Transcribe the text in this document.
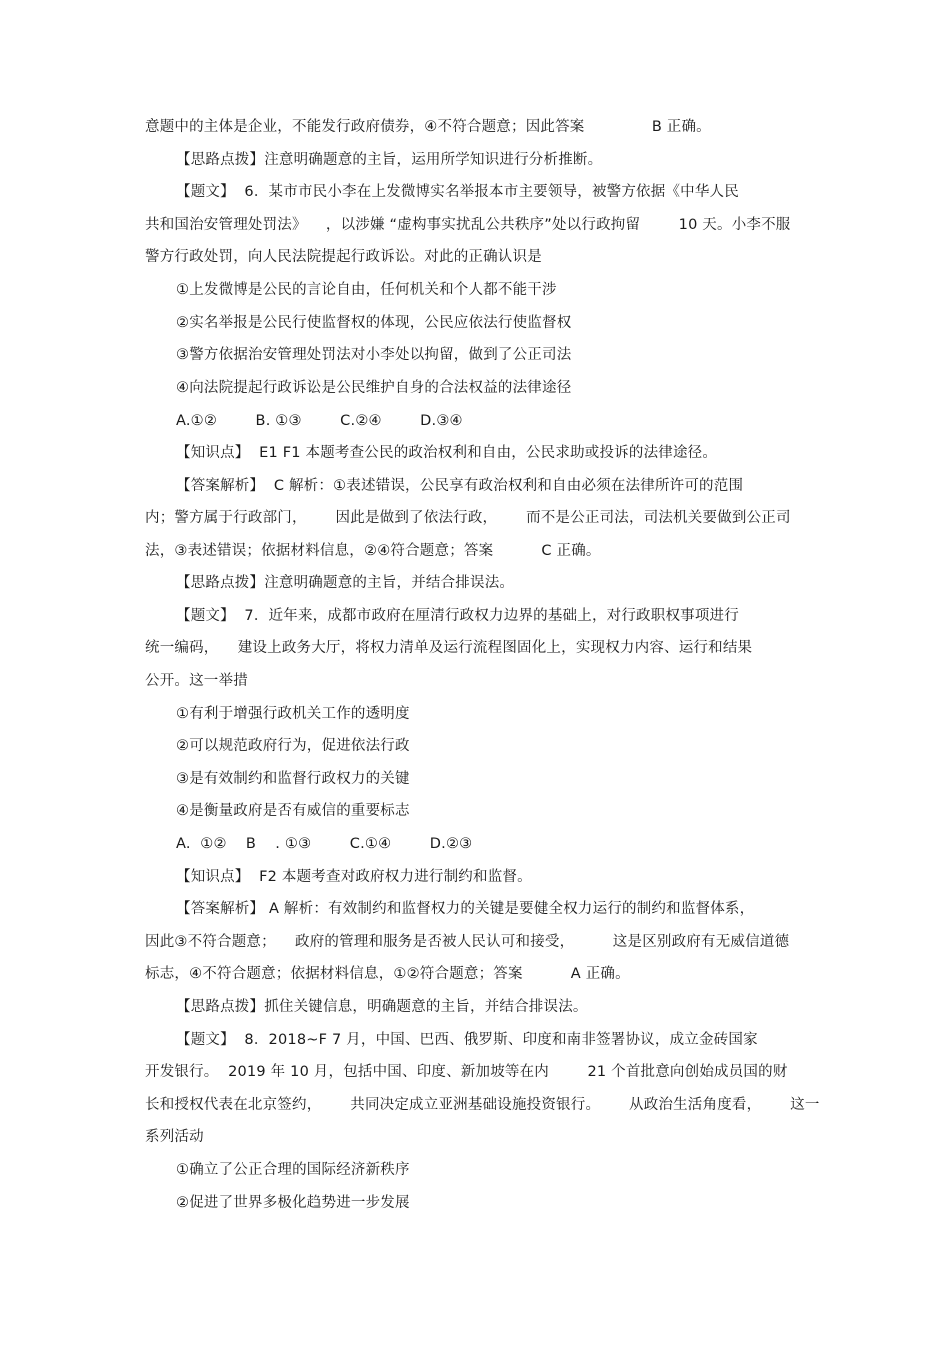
意题中的主体是企业，不能发行政府债券，④不符合题意；因此答案              B 正确。
【思路点拨】注意明确题意的主旨，运用所学知识进行分析推断。
【题文】  6．某市市民小李在上发微博实名举报本市主要领导，被警方依据《中华人民
共和国治安管理处罚法》    ，以涉嫌 “虚构事实扰乱公共秩序”处以行政拘留        10 天。小李不服
警方行政处罚，向人民法院提起行政诉讼。对此的正确认识是
①上发微博是公民的言论自由，任何机关和个人都不能干涉
②实名举报是公民行使监督权的体现，公民应依法行使监督权
③警方依据治安管理处罚法对小李处以拘留，做到了公正司法
④向法院提起行政诉讼是公民维护自身的合法权益的法律途径
A.①②        B. ①③        C.②④        D.③④
【知识点】  E1 F1 本题考查公民的政治权利和自由，公民求助或投诉的法律途径。
【答案解析】  C 解析：①表述错误，公民享有政治权利和自由必须在法律所许可的范围
内；警方属于行政部门，      因此是做到了依法行政，      而不是公正司法，司法机关要做到公正司
法，③表述错误；依据材料信息，②④符合题意；答案          C 正确。
【思路点拨】注意明确题意的主旨，并结合排误法。
【题文】  7．近年来，成都市政府在厘清行政权力边界的基础上，对行政职权事项进行
统一编码，    建设上政务大厅，将权力清单及运行流程图固化上，实现权力内容、运行和结果
公开。这一举措
①有利于增强行政机关工作的透明度
②可以规范政府行为，促进依法行政
③是有效制约和监督行政权力的关键
④是衡量政府是否有威信的重要标志
A.  ①②    B    . ①③        C.①④        D.②③
【知识点】  F2 本题考查对政府权力进行制约和监督。
【答案解析】 A 解析：有效制约和监督权力的关键是要健全权力运行的制约和监督体系，
因此③不符合题意；    政府的管理和服务是否被人民认可和接受，        这是区别政府有无威信道德
标志，④不符合题意；依据材料信息，①②符合题意；答案          A 正确。
【思路点拨】抓住关键信息，明确题意的主旨，并结合排误法。
【题文】  8．2018~F 7 月，中国、巴西、俄罗斯、印度和南非签署协议，成立金砖国家
开发银行。  2019 年 10 月，包括中国、印度、新加坡等在内        21 个首批意向创始成员国的财
长和授权代表在北京签约，      共同决定成立亚洲基础设施投资银行。      从政治生活角度看，      这一
系列活动
①确立了公正合理的国际经济新秩序
②促进了世界多极化趋势进一步发展
